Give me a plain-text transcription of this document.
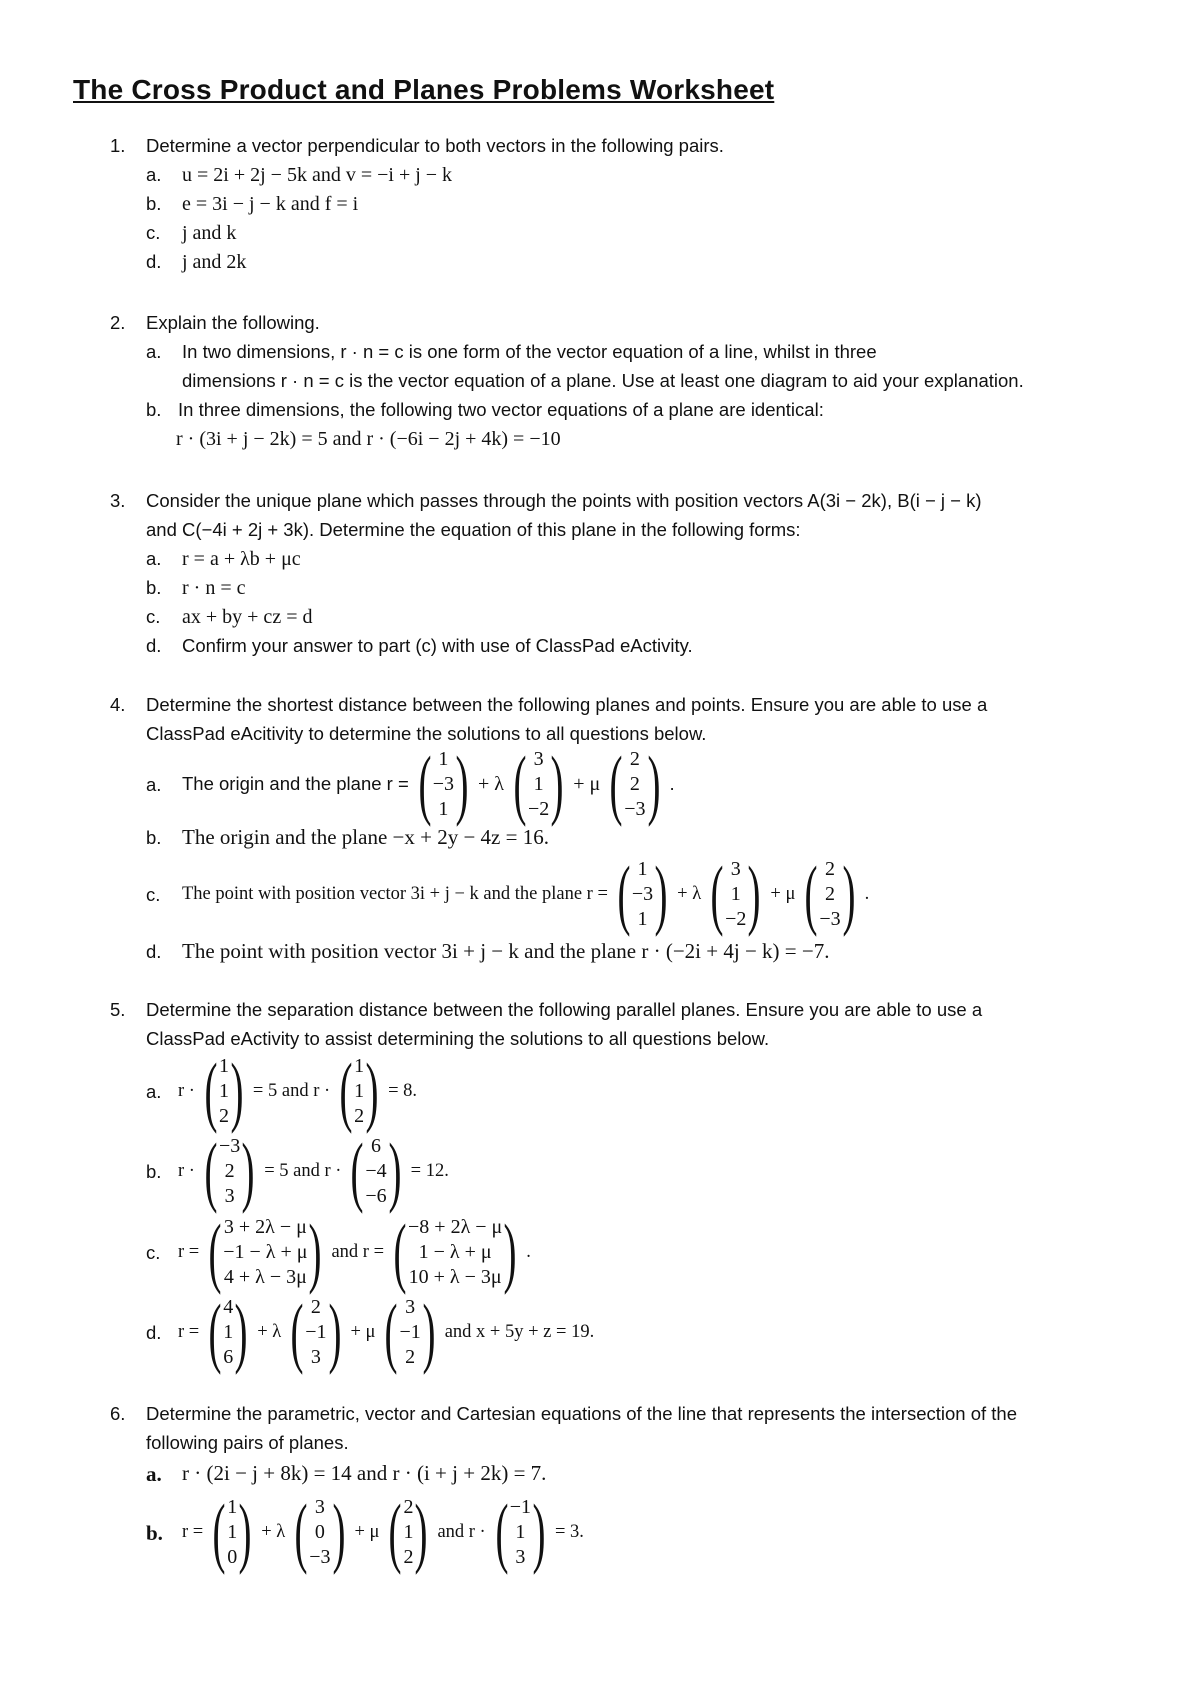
The Cross Product and Planes Problems Worksheet
1. Determine a vector perpendicular to both vectors in the following pairs.
a. u = 2i + 2j − 5k and v = −i + j − k
b. e = 3i − j − k and f = i
c. j and k
d. j and 2k
2. Explain the following.
a. In two dimensions, r · n = c is one form of the vector equation of a line, whilst in three
dimensions r · n = c is the vector equation of a plane. Use at least one diagram to aid your explanation.
b. In three dimensions, the following two vector equations of a plane are identical:
r · (3i + j − 2k) = 5 and r · (−6i − 2j + 4k) = −10
3. Consider the unique plane which passes through the points with position vectors A(3i − 2k), B(i − j − k)
and C(−4i + 2j + 3k). Determine the equation of this plane in the following forms:
a. r = a + λb + μc
b. r · n = c
c. ax + by + cz = d
d. Confirm your answer to part (c) with use of ClassPad eActivity.
4. Determine the shortest distance between the following planes and points. Ensure you are able to use a
ClassPad eAcitivity to determine the solutions to all questions below.
a. The origin and the plane r = ( 1
−3
1 ) + λ ( 3
1
−2 ) + μ ( 2
2
−3 ) .
b. The origin and the plane −x + 2y − 4z = 16.
c. The point with position vector 3i + j − k and the plane r = ( 1
−3
1 ) + λ ( 3
1
−2 ) + μ ( 2
2
−3 ) .
d. The point with position vector 3i + j − k and the plane r · (−2i + 4j − k) = −7.
5. Determine the separation distance between the following parallel planes. Ensure you are able to use a
ClassPad eActivity to assist determining the solutions to all questions below.
a. r · ( 1
1
2 ) = 5 and r · ( 1
1
2 ) = 8.
b. r · ( −3
2
3 ) = 5 and r · ( 6
−4
−6 ) = 12.
c. r = ( 3 + 2λ − μ
−1 − λ + μ
4 + λ − 3μ ) and r = ( −8 + 2λ − μ
1 − λ + μ
10 + λ − 3μ ) .
d. r = ( 4
1
6 ) + λ ( 2
−1
3 ) + μ ( 3
−1
2 ) and x + 5y + z = 19.
6. Determine the parametric, vector and Cartesian equations of the line that represents the intersection of the
following pairs of planes.
a. r · (2i − j + 8k) = 14 and r · (i + j + 2k) = 7.
b. r = ( 1
1
0 ) + λ ( 3
0
−3 ) + μ ( 2
1
2 ) and r · ( −1
1
3 ) = 3.
